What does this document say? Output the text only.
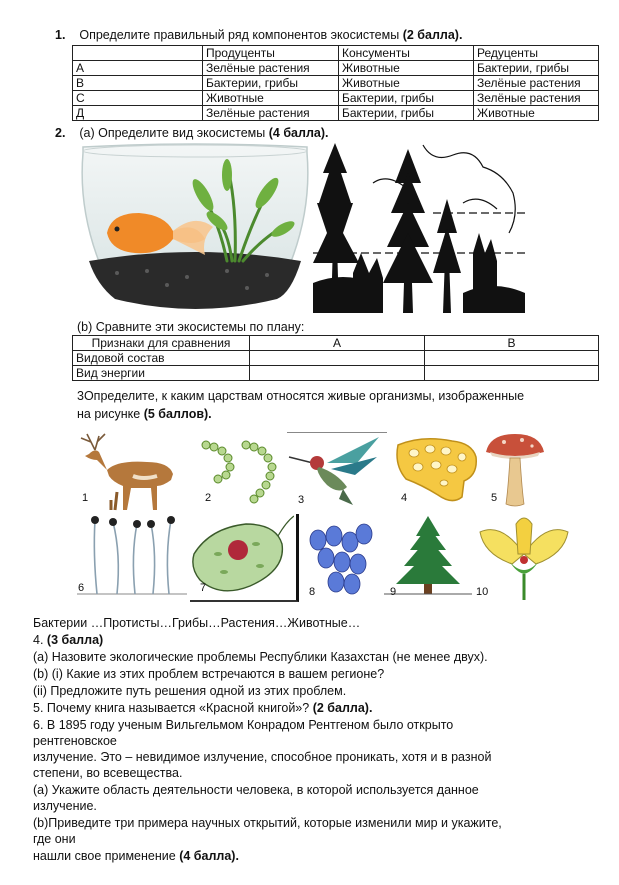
1. Определите правильный ряд компонентов экосистемы (2 балла).
	Продуценты	Консументы	Редуценты
А	Зелёные растения	Животные	Бактерии, грибы
В	Бактерии, грибы	Животные	Зелёные растения
С	Животные	Бактерии, грибы	Зелёные растения
Д	Зелёные растения	Бактерии, грибы	Животные
2. (a) Определите вид экосистемы (4 балла).
(b) Сравните эти экосистемы по плану:
Признаки для сравнения	А	В
Видовой состав		
Вид энергии		
3Определите, к каким царствам относятся живые организмы, изображенные
на рисунке (5 баллов).
1	2	3	4	5
6	7	8	9	10
Бактерии …Протисты…Грибы…Растения…Животные…
4. (3 балла)
(a) Назовите экологические проблемы Республики Казахстан (не менее двух).
(b) (i) Какие из этих проблем встречаются в вашем регионе?
(ii) Предложите путь решения одной из этих проблем.
5. Почему книга называется «Красной книгой»? (2 балла).
6. В 1895 году ученым Вильгельмом Конрадом Рентгеном было открыто
рентгеновское
излучение. Это – невидимое излучение, способное проникать, хотя и в разной
степени, во всевещества.
(a) Укажите область деятельности человека, в которой используется данное
излучение.
(b)Приведите три примера научных открытий, которые изменили мир и укажите,
где они
нашли свое применение (4 балла).
